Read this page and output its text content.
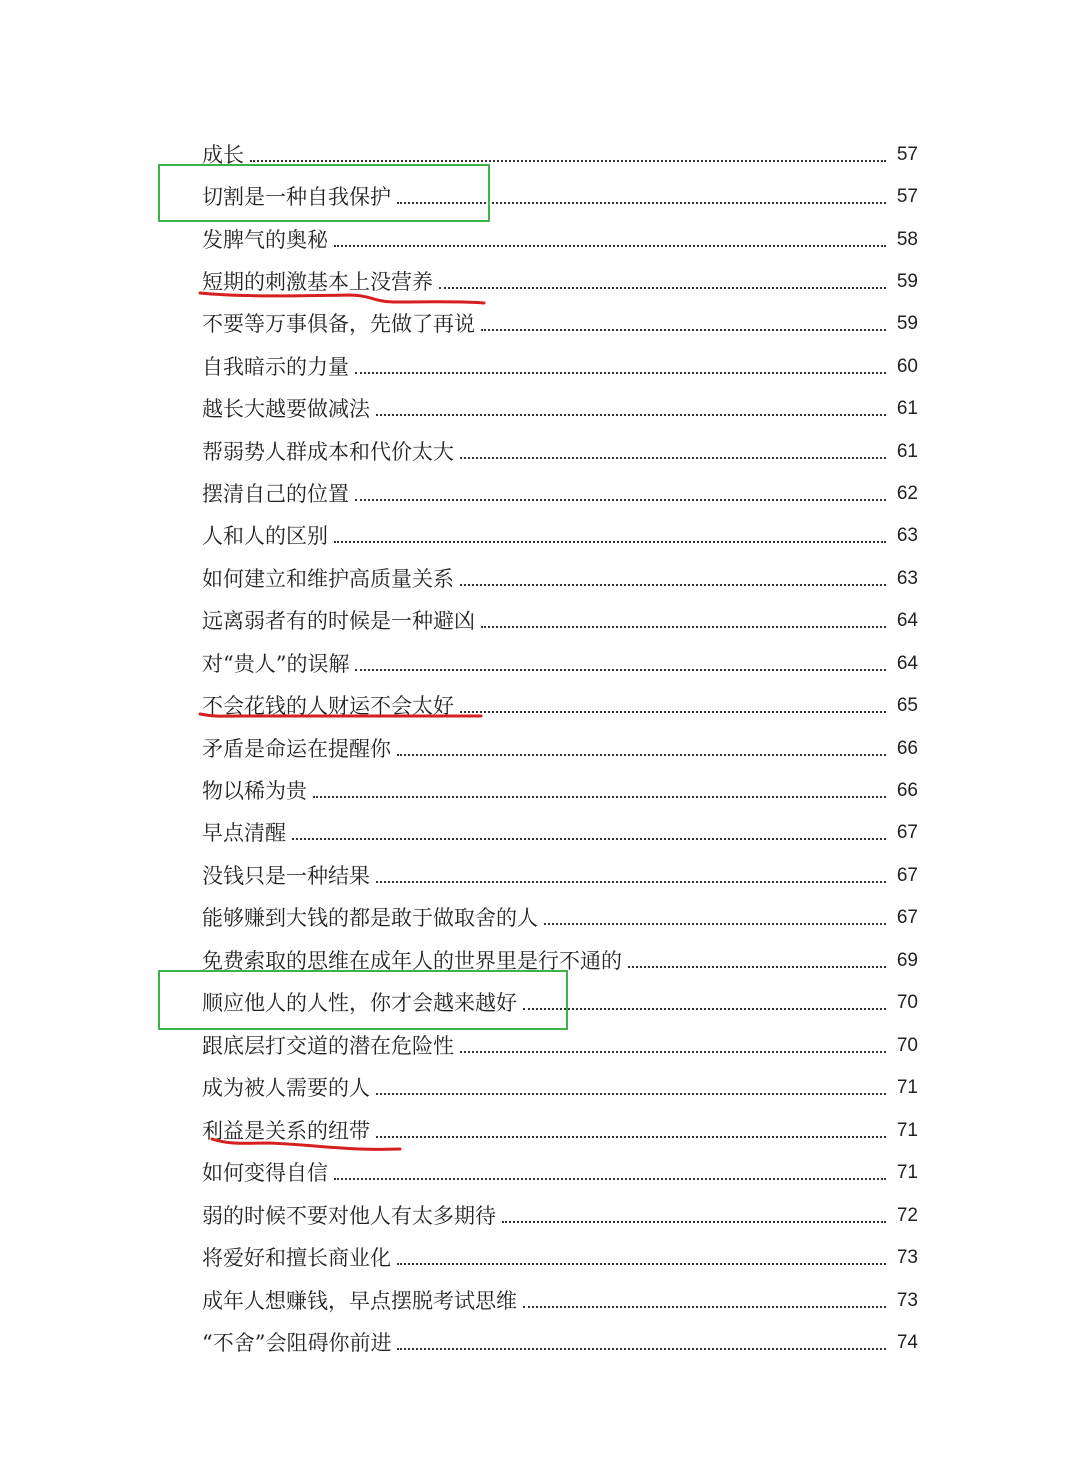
成长	57
切割是一种自我保护	57
发脾气的奥秘	58
短期的刺激基本上没营养	59
不要等万事俱备，先做了再说	59
自我暗示的力量	60
越长大越要做减法	61
帮弱势人群成本和代价太大	61
摆清自己的位置	62
人和人的区别	63
如何建立和维护高质量关系	63
远离弱者有的时候是一种避凶	64
对“贵人”的误解	64
不会花钱的人财运不会太好	65
矛盾是命运在提醒你	66
物以稀为贵	66
早点清醒	67
没钱只是一种结果	67
能够赚到大钱的都是敢于做取舍的人	67
免费索取的思维在成年人的世界里是行不通的	69
顺应他人的人性，你才会越来越好	70
跟底层打交道的潜在危险性	70
成为被人需要的人	71
利益是关系的纽带	71
如何变得自信	71
弱的时候不要对他人有太多期待	72
将爱好和擅长商业化	73
成年人想赚钱，早点摆脱考试思维	73
“不舍”会阻碍你前进	74
